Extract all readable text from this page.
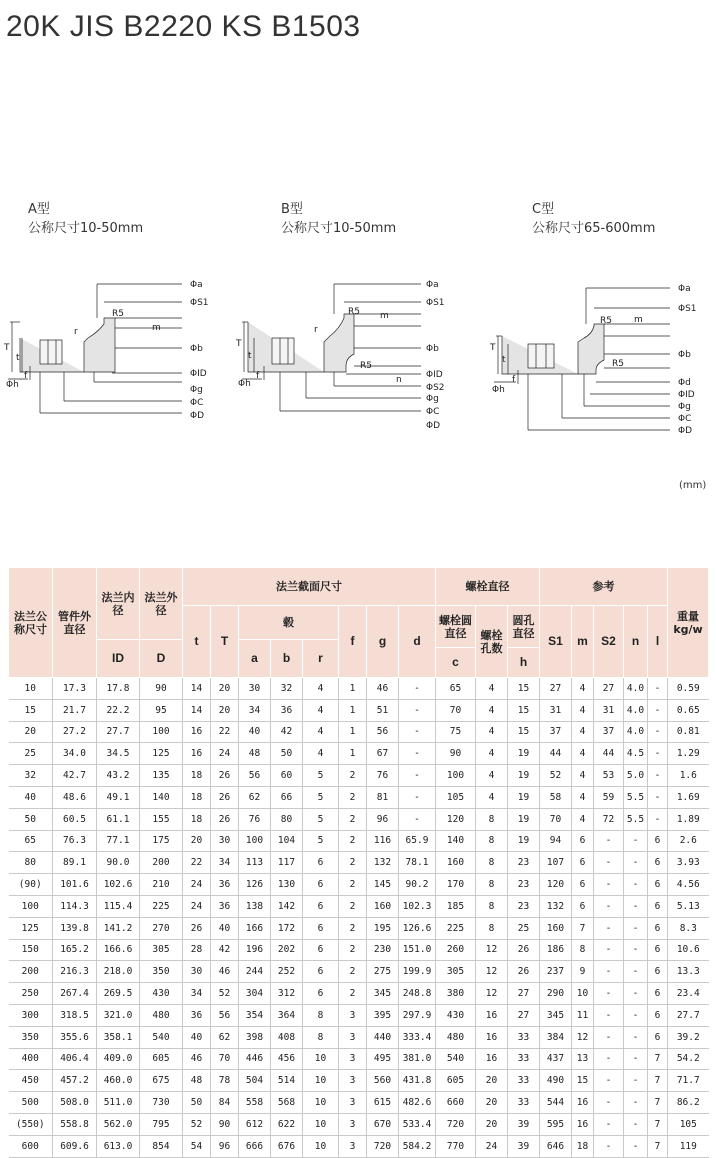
20K JIS B2220 KS B1503
A型
公称尺寸10-50mm
B型
公称尺寸10-50mm
C型
公称尺寸65-600mm
Φa
ΦS1
Φb
ΦID
Φg
ΦC
ΦD
R5
r	m
T
t
f
Φh
Φa
ΦS1
Φb
ΦID
ΦS2
Φg
ΦC
ΦD
R5
R5
r
m
n
T
t
f
Φh
Φa
ΦS1
Φb
Φd
ΦID
Φg
ΦC
ΦD
R5
R5
m
T
t
f
Φh
(mm)
法兰公称尺寸	管件外直径	法兰内径	法兰外径	法兰截面尺寸								螺栓直径			参考					重量kg/w
				t	T	毂			f	g	d	螺栓圆直径	螺栓孔数	圆孔直径	S1	m	S2	n	l	
		ID	D			a	b	r												
												c		h						
10	17.3	17.8	90	14	20	30	32	4	1	46	-	65	4	15	27	4	27	4.0	-	0.59
15	21.7	22.2	95	14	20	34	36	4	1	51	-	70	4	15	31	4	31	4.0	-	0.65
20	27.2	27.7	100	16	22	40	42	4	1	56	-	75	4	15	37	4	37	4.0	-	0.81
25	34.0	34.5	125	16	24	48	50	4	1	67	-	90	4	19	44	4	44	4.5	-	1.29
32	42.7	43.2	135	18	26	56	60	5	2	76	-	100	4	19	52	4	53	5.0	-	1.6
40	48.6	49.1	140	18	26	62	66	5	2	81	-	105	4	19	58	4	59	5.5	-	1.69
50	60.5	61.1	155	18	26	76	80	5	2	96	-	120	8	19	70	4	72	5.5	-	1.89
65	76.3	77.1	175	20	30	100	104	5	2	116	65.9	140	8	19	94	6	-	-	6	2.6
80	89.1	90.0	200	22	34	113	117	6	2	132	78.1	160	8	23	107	6	-	-	6	3.93
(90)	101.6	102.6	210	24	36	126	130	6	2	145	90.2	170	8	23	120	6	-	-	6	4.56
100	114.3	115.4	225	24	36	138	142	6	2	160	102.3	185	8	23	132	6	-	-	6	5.13
125	139.8	141.2	270	26	40	166	172	6	2	195	126.6	225	8	25	160	7	-	-	6	8.3
150	165.2	166.6	305	28	42	196	202	6	2	230	151.0	260	12	26	186	8	-	-	6	10.6
200	216.3	218.0	350	30	46	244	252	6	2	275	199.9	305	12	26	237	9	-	-	6	13.3
250	267.4	269.5	430	34	52	304	312	6	2	345	248.8	380	12	27	290	10	-	-	6	23.4
300	318.5	321.0	480	36	56	354	364	8	3	395	297.9	430	16	27	345	11	-	-	6	27.7
350	355.6	358.1	540	40	62	398	408	8	3	440	333.4	480	16	33	384	12	-	-	6	39.2
400	406.4	409.0	605	46	70	446	456	10	3	495	381.0	540	16	33	437	13	-	-	7	54.2
450	457.2	460.0	675	48	78	504	514	10	3	560	431.8	605	20	33	490	15	-	-	7	71.7
500	508.0	511.0	730	50	84	558	568	10	3	615	482.6	660	20	33	544	16	-	-	7	86.2
(550)	558.8	562.0	795	52	90	612	622	10	3	670	533.4	720	20	39	595	16	-	-	7	105
600	609.6	613.0	854	54	96	666	676	10	3	720	584.2	770	24	39	646	18	-	-	7	119
